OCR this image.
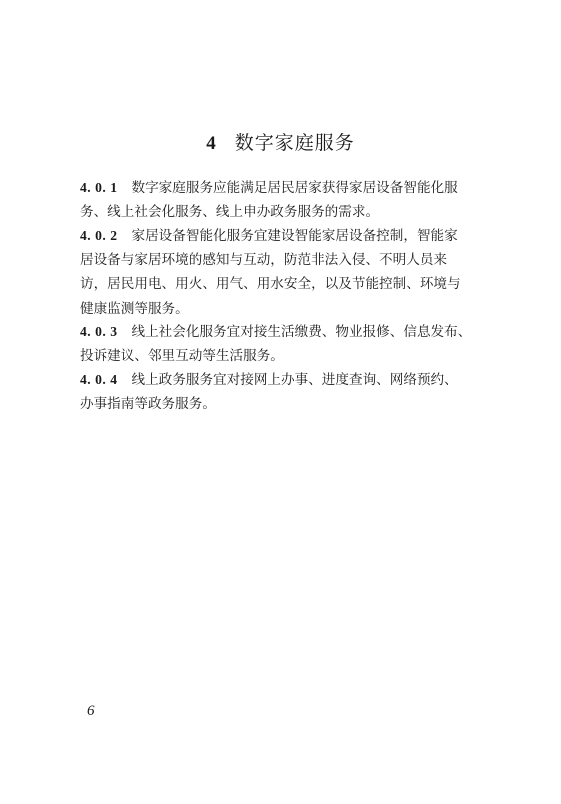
4 数字家庭服务
4. 0. 1 数字家庭服务应能满足居民居家获得家居设备智能化服
务、线上社会化服务、线上申办政务服务的需求。
4. 0. 2 家居设备智能化服务宜建设智能家居设备控制，智能家
居设备与家居环境的感知与互动，防范非法入侵、不明人员来
访，居民用电、用火、用气、用水安全，以及节能控制、环境与
健康监测等服务。
4. 0. 3 线上社会化服务宜对接生活缴费、物业报修、信息发布、
投诉建议、邻里互动等生活服务。
4. 0. 4 线上政务服务宜对接网上办事、进度查询、网络预约、
办事指南等政务服务。
6
